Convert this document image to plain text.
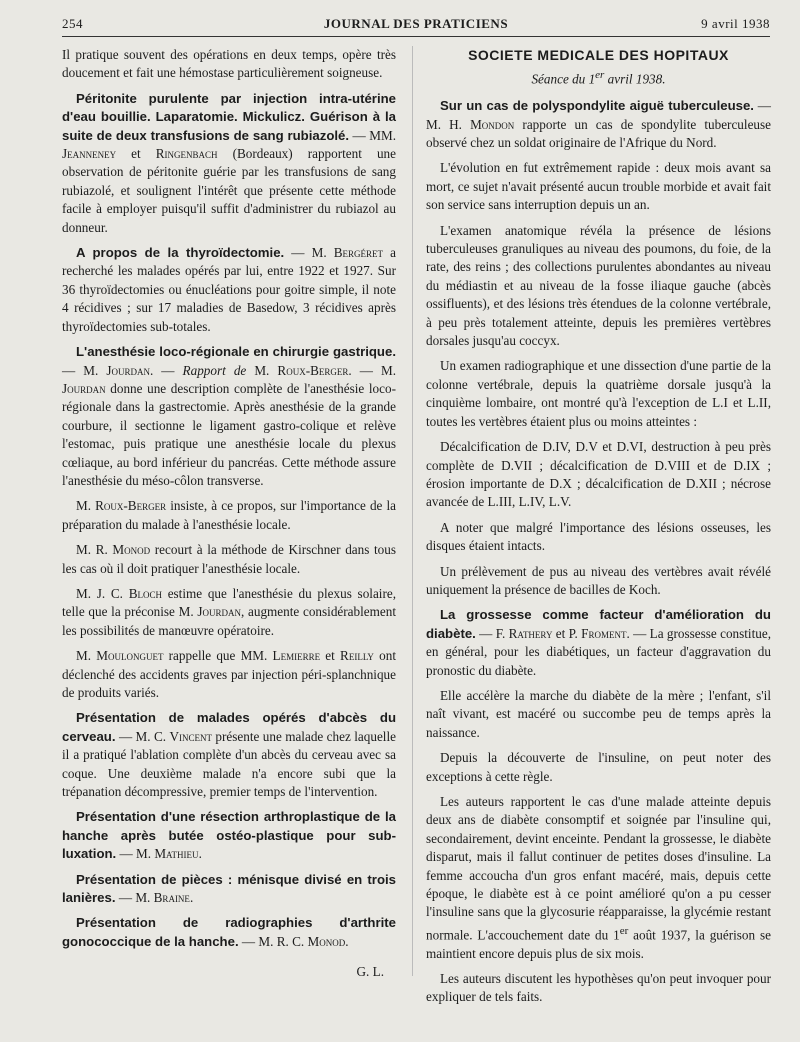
254	JOURNAL DES PRATICIENS	9 avril 1938

Il pratique souvent des opérations en deux temps, opère très doucement et fait une hémostase particulièrement soigneuse.

Péritonite purulente par injection intra-utérine d'eau bouillie. Laparatomie. Mickulicz. Guérison à la suite de deux transfusions de sang rubiazolé. — MM. Jeanneney et Ringenbach (Bordeaux) rapportent une observation de péritonite guérie par les transfusions de sang rubiazolé, et soulignent l'intérêt que présente cette méthode facile à employer puisqu'il suffit d'administrer du rubiazol au donneur.

A propos de la thyroïdectomie. — M. Bergéret a recherché les malades opérés par lui, entre 1922 et 1927. Sur 36 thyroïdectomies ou énucléations pour goitre simple, il note 4 récidives ; sur 17 maladies de Basedow, 3 récidives après thyroïdectomies sub-totales.

L'anesthésie loco-régionale en chirurgie gastrique. — M. Jourdan. — Rapport de M. Roux-Berger. — M. Jourdan donne une description complète de l'anesthésie loco-régionale dans la gastrectomie. Après anesthésie de la grande courbure, il sectionne le ligament gastro-colique et relève l'estomac, puis pratique une anesthésie locale du plexus cœliaque, au bord inférieur du pancréas. Cette méthode assure l'anesthésie du méso-côlon transverse.

M. Roux-Berger insiste, à ce propos, sur l'importance de la préparation du malade à l'anesthésie locale.

M. R. Monod recourt à la méthode de Kirschner dans tous les cas où il doit pratiquer l'anesthésie locale.

M. J. C. Bloch estime que l'anesthésie du plexus solaire, telle que la préconise M. Jourdan, augmente considérablement les possibilités de manœuvre opératoire.

M. Moulonguet rappelle que MM. Lemierre et Reilly ont déclenché des accidents graves par injection péri-splanchnique de produits variés.

Présentation de malades opérés d'abcès du cerveau. — M. C. Vincent présente une malade chez laquelle il a pratiqué l'ablation complète d'un abcès du cerveau avec sa coque. Une deuxième malade n'a encore subi que la trépanation décompressive, premier temps de l'intervention.

Présentation d'une résection arthroplastique de la hanche après butée ostéo-plastique pour sub-luxation. — M. Mathieu.

Présentation de pièces : ménisque divisé en trois lanières. — M. Braine.

Présentation de radiographies d'arthrite gonococcique de la hanche. — M. R. C. Monod.

G. L.

SOCIETE MEDICALE DES HOPITAUX

Séance du 1er avril 1938.

Sur un cas de polyspondylite aiguë tuberculeuse. — M. H. Mondon rapporte un cas de spondylite tuberculeuse observé chez un soldat originaire de l'Afrique du Nord.

L'évolution en fut extrêmement rapide : deux mois avant sa mort, ce sujet n'avait présenté aucun trouble morbide et avait fait son service sans interruption depuis un an.

L'examen anatomique révéla la présence de lésions tuberculeuses granuliques au niveau des poumons, du foie, de la rate, des reins ; des collections purulentes abondantes au niveau du médiastin et au niveau de la fosse iliaque gauche (abcès ossifluents), et des lésions très étendues de la colonne vertébrale, à peu près totalement atteinte, depuis les premières vertèbres dorsales jusqu'au coccyx.

Un examen radiographique et une dissection d'une partie de la colonne vertébrale, depuis la quatrième dorsale jusqu'à la cinquième lombaire, ont montré qu'à l'exception de L.I et L.II, toutes les vertèbres étaient plus ou moins atteintes :

Décalcification de D.IV, D.V et D.VI, destruction à peu près complète de D.VII ; décalcification de D.VIII et de D.IX ; érosion importante de D.X ; décalcification de D.XII ; nécrose avancée de L.III, L.IV, L.V.

A noter que malgré l'importance des lésions osseuses, les disques étaient intacts.

Un prélèvement de pus au niveau des vertèbres avait révélé uniquement la présence de bacilles de Koch.

La grossesse comme facteur d'amélioration du diabète. — F. Rathery et P. Froment. — La grossesse constitue, en général, pour les diabétiques, un facteur d'aggravation du pronostic du diabète.

Elle accélère la marche du diabète de la mère ; l'enfant, s'il naît vivant, est macéré ou succombe peu de temps après la naissance.

Depuis la découverte de l'insuline, on peut noter des exceptions à cette règle.

Les auteurs rapportent le cas d'une malade atteinte depuis deux ans de diabète consomptif et soignée par l'insuline qui, secondairement, devint enceinte. Pendant la grossesse, le diabète disparut, mais il fallut continuer de petites doses d'insuline. La femme accoucha d'un gros enfant macéré, mais, depuis cette époque, le diabète est à ce point amélioré qu'on a pu cesser l'insuline sans que la glycosurie réapparaisse, la glycémie restant normale. L'accouchement date du 1er août 1937, la guérison se maintient encore depuis plus de six mois.

Les auteurs discutent les hypothèses qu'on peut invoquer pour expliquer de tels faits.
